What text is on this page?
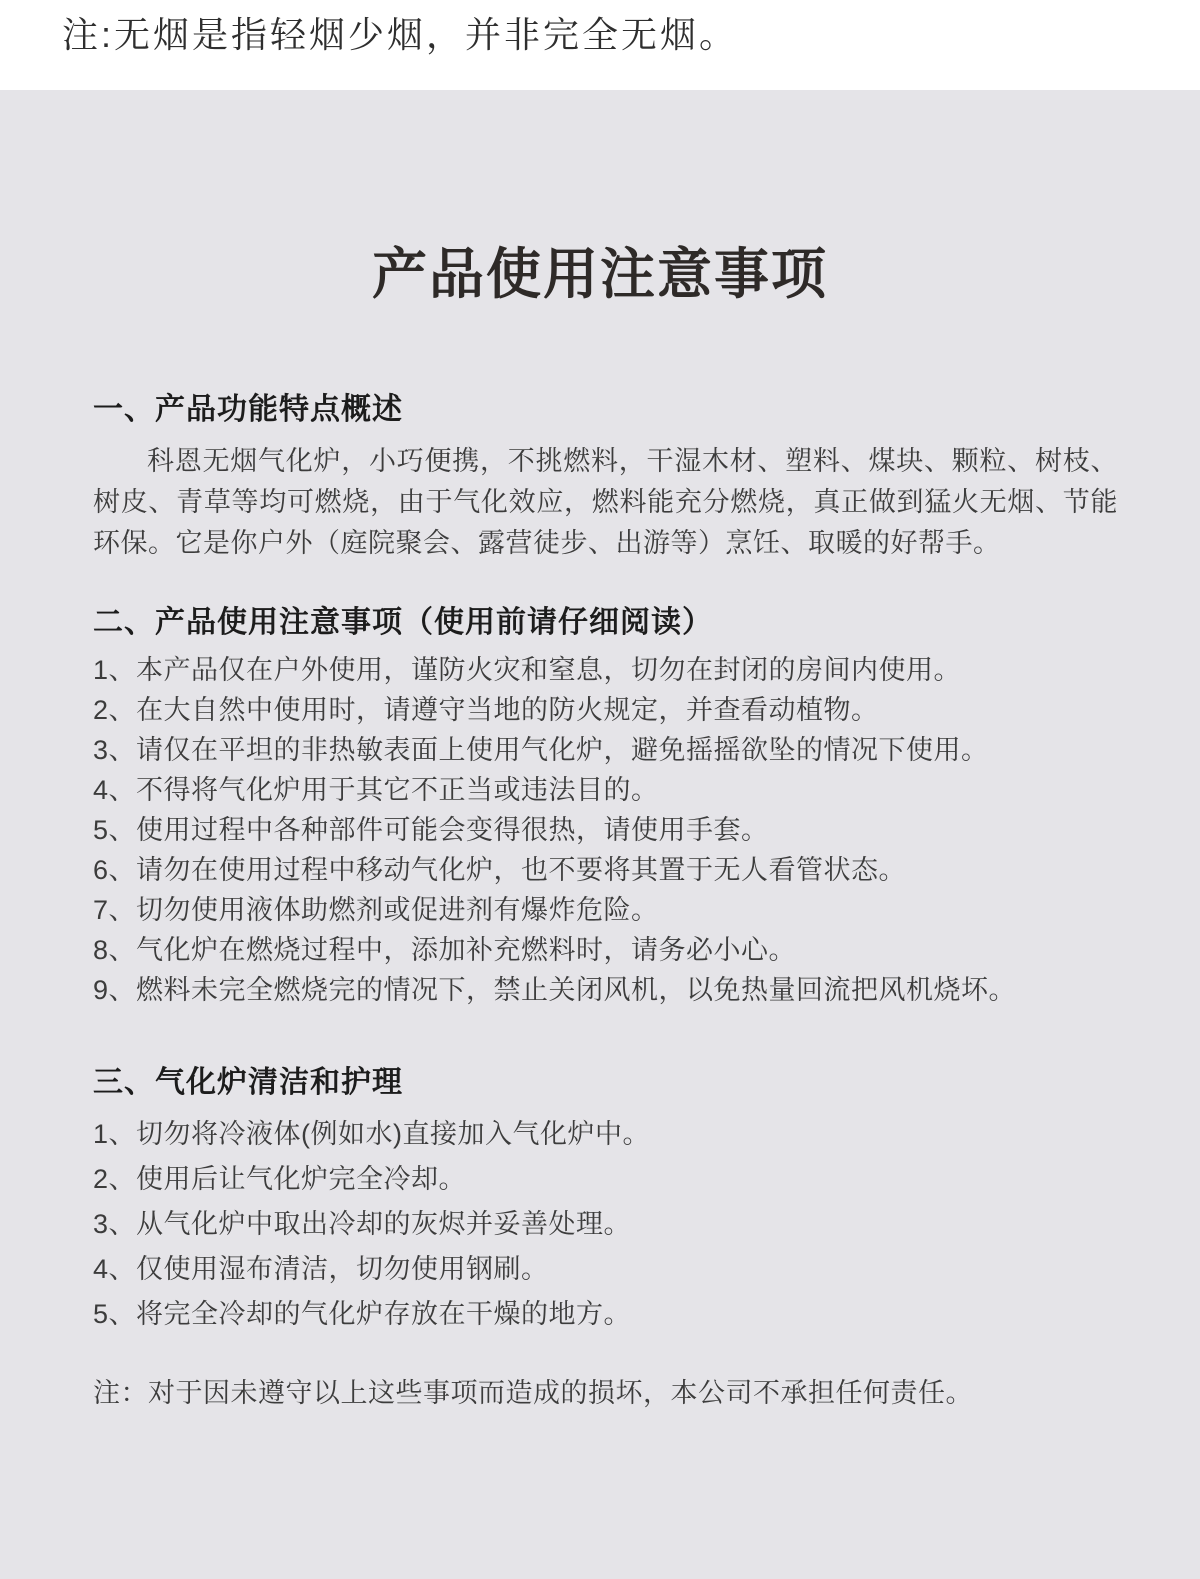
注:无烟是指轻烟少烟，并非完全无烟。
产品使用注意事项
一、产品功能特点概述

科恩无烟气化炉，小巧便携，不挑燃料，干湿木材、塑料、煤块、颗粒、树枝、树皮、青草等均可燃烧，由于气化效应，燃料能充分燃烧，真正做到猛火无烟、节能环保。它是你户外（庭院聚会、露营徒步、出游等）烹饪、取暖的好帮手。

二、产品使用注意事项（使用前请仔细阅读）
1、本产品仅在户外使用，谨防火灾和窒息，切勿在封闭的房间内使用。
2、在大自然中使用时，请遵守当地的防火规定，并查看动植物。
3、请仅在平坦的非热敏表面上使用气化炉，避免摇摇欲坠的情况下使用。
4、不得将气化炉用于其它不正当或违法目的。
5、使用过程中各种部件可能会变得很热，请使用手套。
6、请勿在使用过程中移动气化炉，也不要将其置于无人看管状态。
7、切勿使用液体助燃剂或促进剂有爆炸危险。
8、气化炉在燃烧过程中，添加补充燃料时，请务必小心。
9、燃料未完全燃烧完的情况下，禁止关闭风机，以免热量回流把风机烧坏。
三、气化炉清洁和护理
1、切勿将冷液体(例如水)直接加入气化炉中。
2、使用后让气化炉完全冷却。
3、从气化炉中取出冷却的灰烬并妥善处理。
4、仅使用湿布清洁，切勿使用钢刷。
5、将完全冷却的气化炉存放在干燥的地方。

注：对于因未遵守以上这些事项而造成的损坏，本公司不承担任何责任。
